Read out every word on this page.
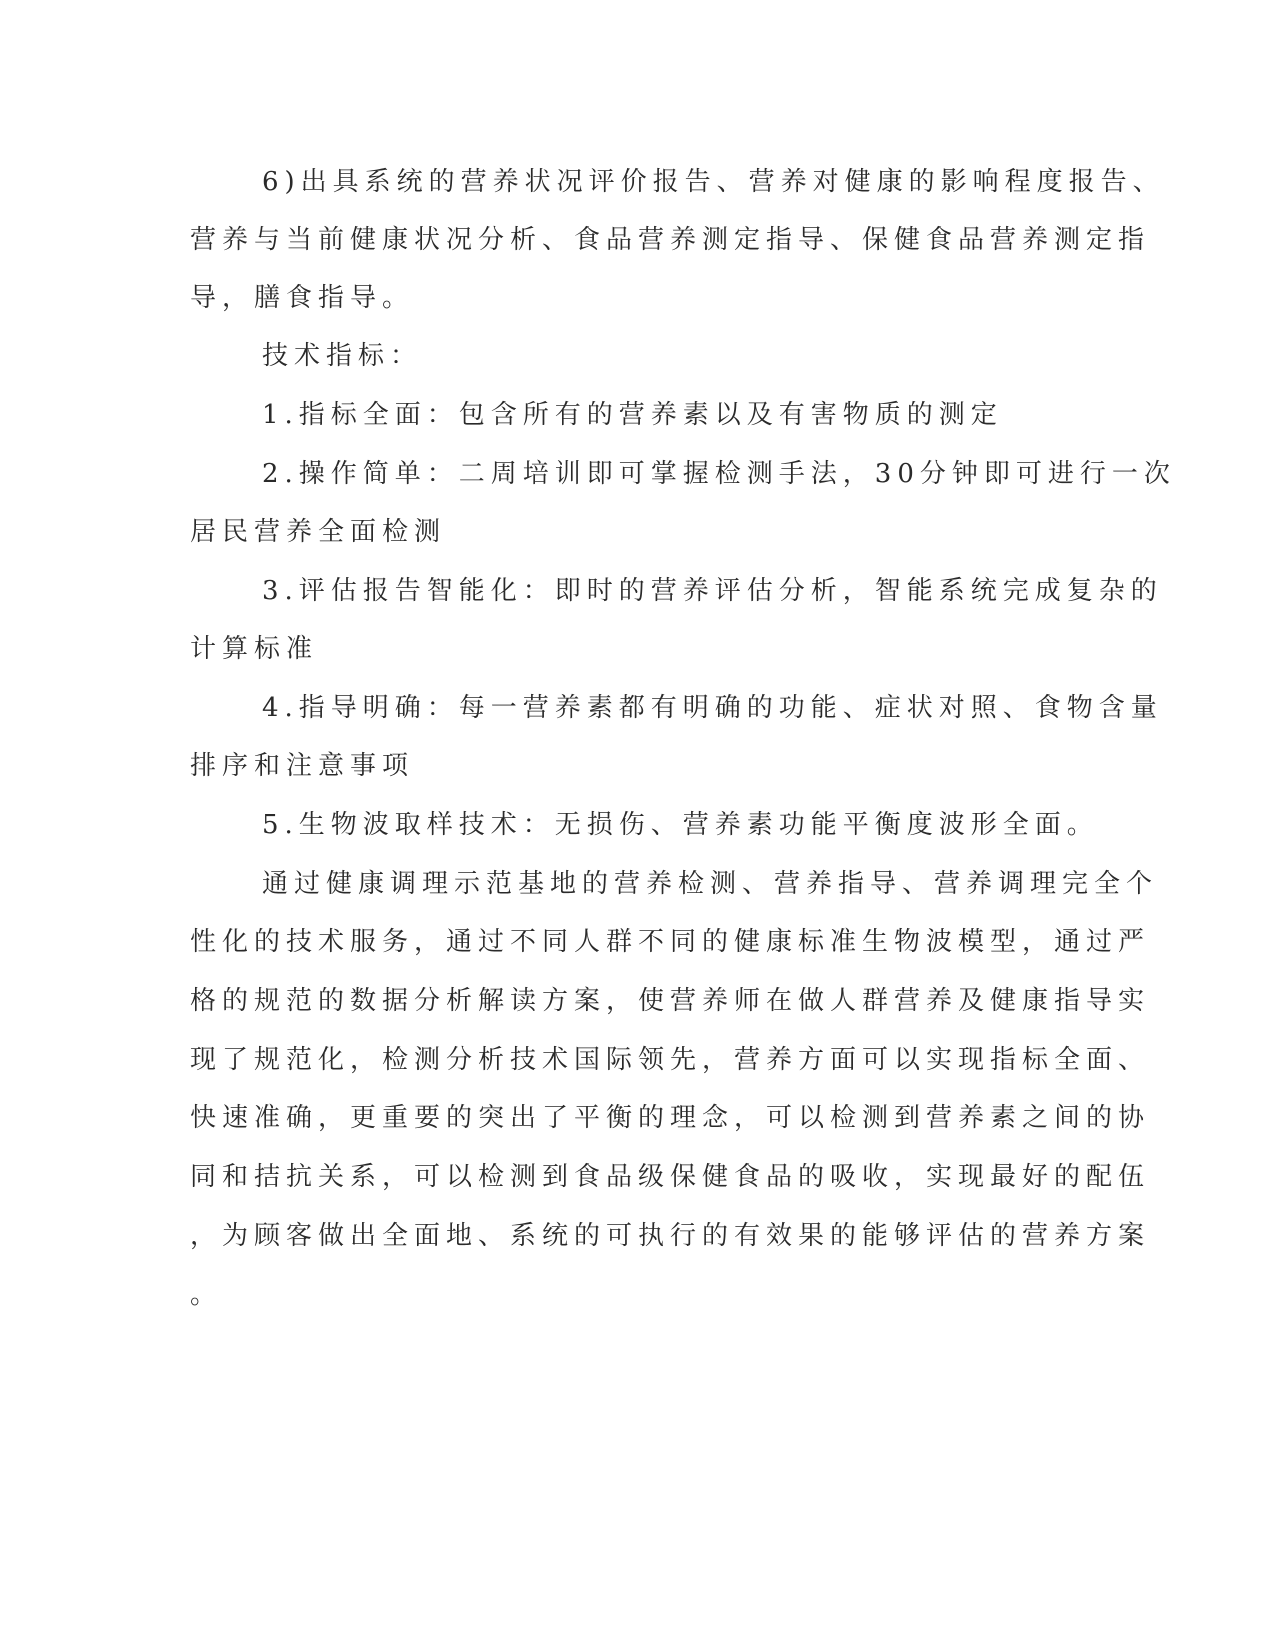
6)出具系统的营养状况评价报告、营养对健康的影响程度报告、
营养与当前健康状况分析、食品营养测定指导、保健食品营养测定指
导，膳食指导。
技术指标：
1.指标全面：包含所有的营养素以及有害物质的测定
2.操作简单：二周培训即可掌握检测手法，30分钟即可进行一次
居民营养全面检测
3.评估报告智能化：即时的营养评估分析，智能系统完成复杂的
计算标准
4.指导明确：每一营养素都有明确的功能、症状对照、食物含量
排序和注意事项
5.生物波取样技术：无损伤、营养素功能平衡度波形全面。
通过健康调理示范基地的营养检测、营养指导、营养调理完全个
性化的技术服务，通过不同人群不同的健康标准生物波模型，通过严
格的规范的数据分析解读方案，使营养师在做人群营养及健康指导实
现了规范化，检测分析技术国际领先，营养方面可以实现指标全面、
快速准确，更重要的突出了平衡的理念，可以检测到营养素之间的协
同和拮抗关系，可以检测到食品级保健食品的吸收，实现最好的配伍
，为顾客做出全面地、系统的可执行的有效果的能够评估的营养方案
。
